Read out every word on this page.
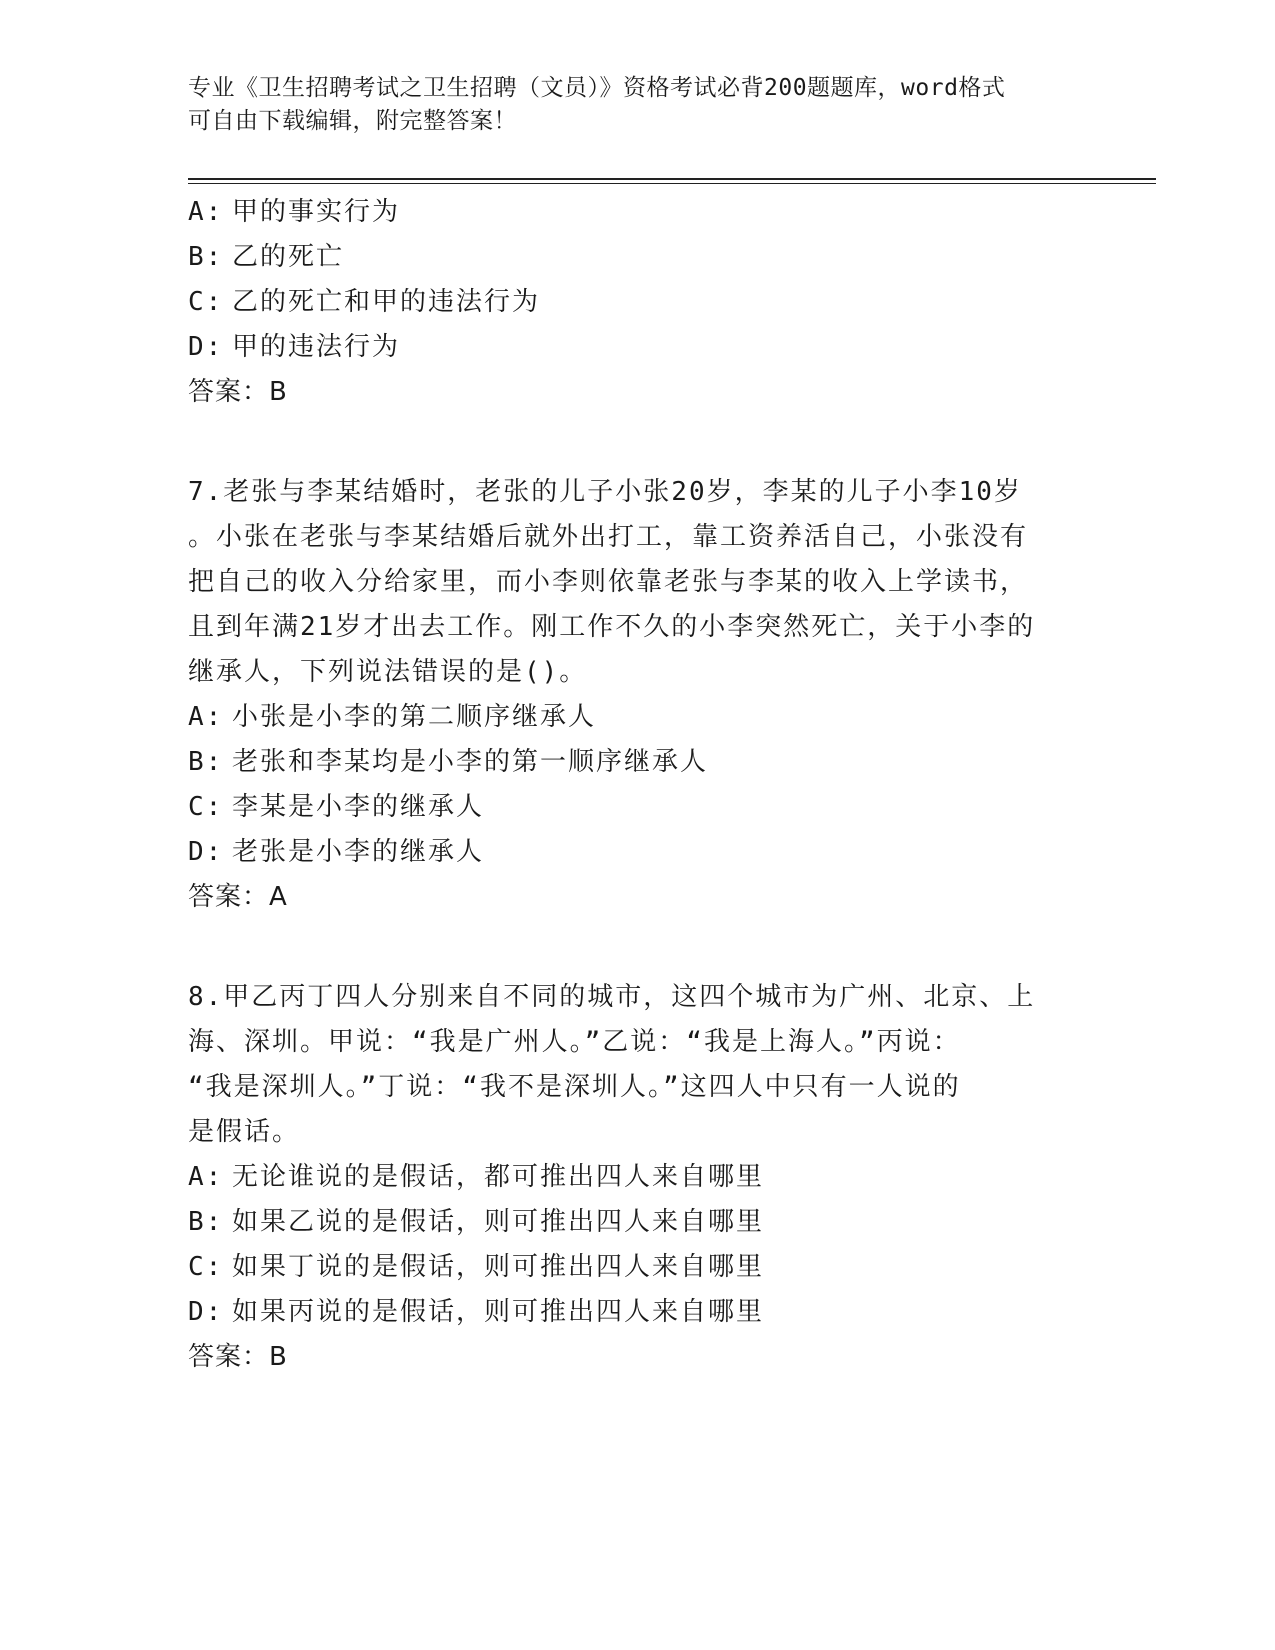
专业《卫生招聘考试之卫生招聘（文员）》资格考试必背200题题库，word格式
可自由下载编辑，附完整答案！
A: 甲的事实行为
B: 乙的死亡
C: 乙的死亡和甲的违法行为
D: 甲的违法行为
答案：B
7.老张与李某结婚时，老张的儿子小张20岁，李某的儿子小李10岁
。小张在老张与李某结婚后就外出打工，靠工资养活自己，小张没有
把自己的收入分给家里，而小李则依靠老张与李某的收入上学读书，
且到年满21岁才出去工作。刚工作不久的小李突然死亡，关于小李的
继承人，下列说法错误的是()。
A: 小张是小李的第二顺序继承人
B: 老张和李某均是小李的第一顺序继承人
C: 李某是小李的继承人
D: 老张是小李的继承人
答案：A
8.甲乙丙丁四人分别来自不同的城市，这四个城市为广州、北京、上
海、深圳。甲说：“我是广州人。”乙说：“我是上海人。”丙说：
“我是深圳人。”丁说：“我不是深圳人。”这四人中只有一人说的
是假话。
A: 无论谁说的是假话，都可推出四人来自哪里
B: 如果乙说的是假话，则可推出四人来自哪里
C: 如果丁说的是假话，则可推出四人来自哪里
D: 如果丙说的是假话，则可推出四人来自哪里
答案：B
